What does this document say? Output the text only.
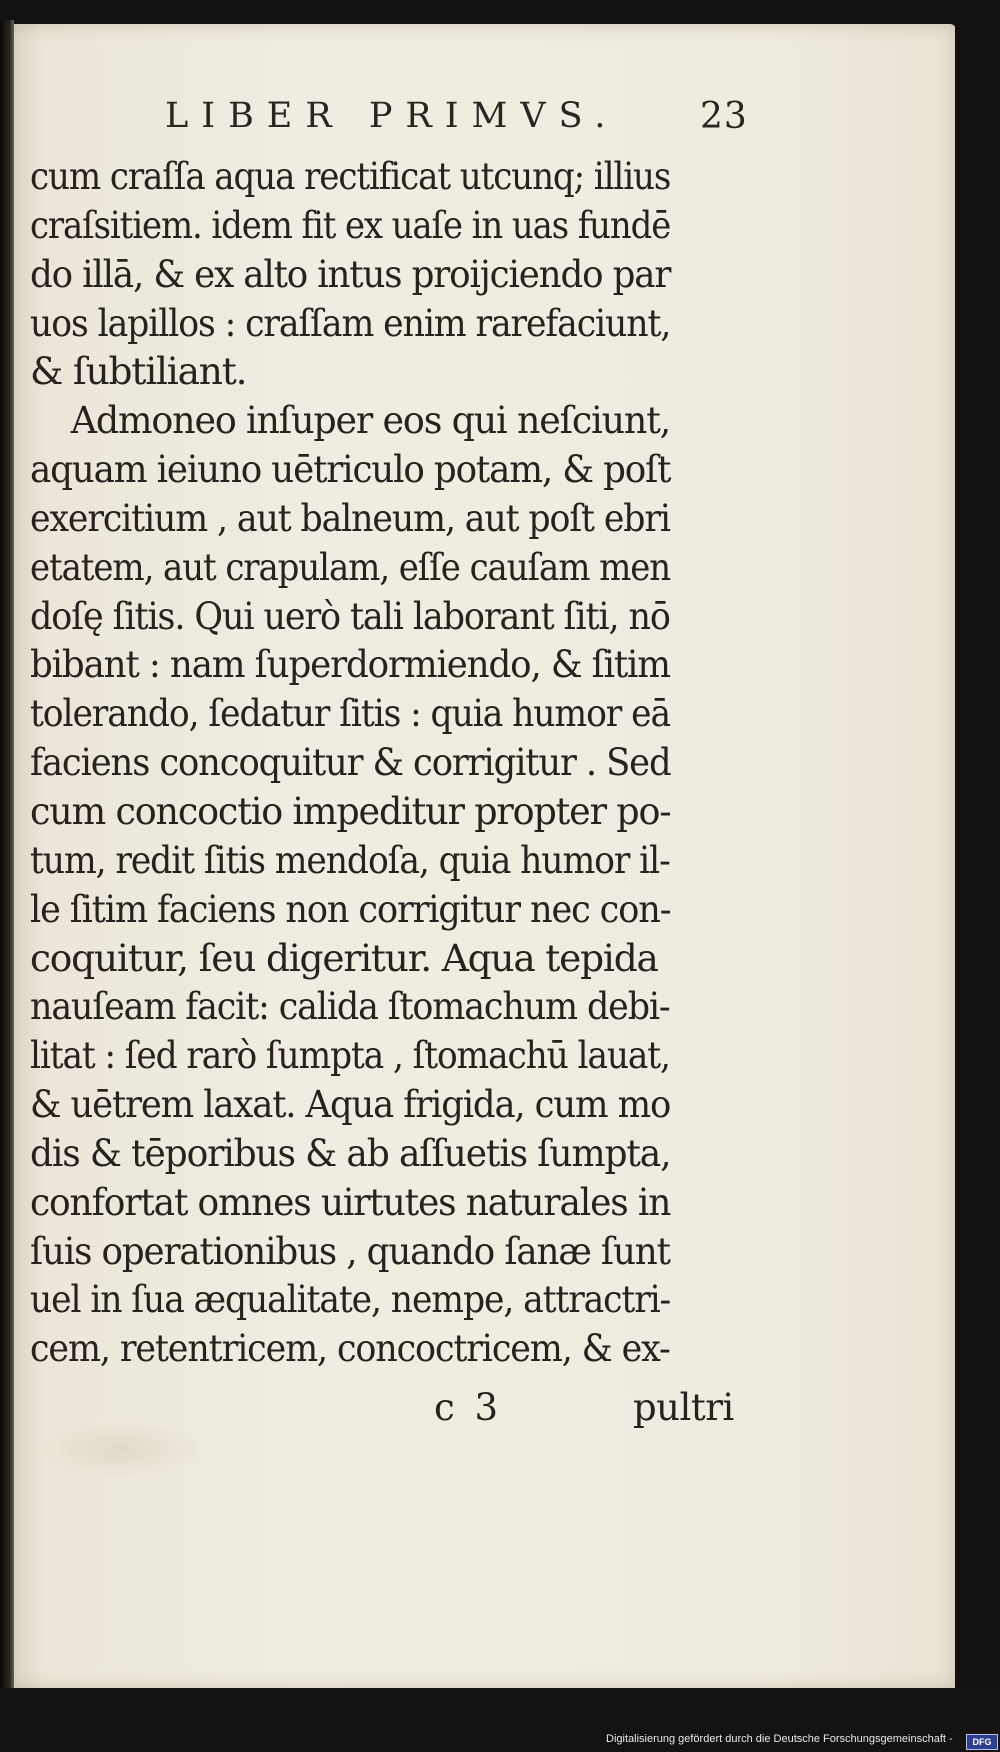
LIBER PRIMVS. 23
cum craſſa aqua rectificat utcunq; illius
craſsitiem. idem fit ex uaſe in uas fundē
do illā, & ex alto intus proijciendo par
uos lapillos : craſſam enim rarefaciunt,
& ſubtiliant.
Admoneo inſuper eos qui neſciunt,
aquam ieiuno uētriculo potam, & poſt
exercitium , aut balneum, aut poſt ebri
etatem, aut crapulam, eſſe cauſam men
doſę ſitis. Qui uerò tali laborant ſiti, nō
bibant : nam ſuperdormiendo, & ſitim
tolerando, ſedatur ſitis : quia humor eā
faciens concoquitur & corrigitur . Sed
cum concoctio impeditur propter po-
tum, redit ſitis mendoſa, quia humor il-
le ſitim faciens non corrigitur nec con-
coquitur, ſeu digeritur. Aqua tepida
nauſeam facit: calida ſtomachum debi-
litat : ſed rarò ſumpta , ſtomachū lauat,
& uētrem laxat. Aqua frigida, cum mo
dis & tēporibus & ab aſſuetis ſumpta,
confortat omnes uirtutes naturales in
ſuis operationibus , quando ſanæ ſunt
uel in ſua æqualitate, nempe, attractri-
cem, retentricem, concoctricem, & ex-
c 3	pultri
Digitalisierung gefördert durch die Deutsche Forschungsgemeinschaft -	DFG
